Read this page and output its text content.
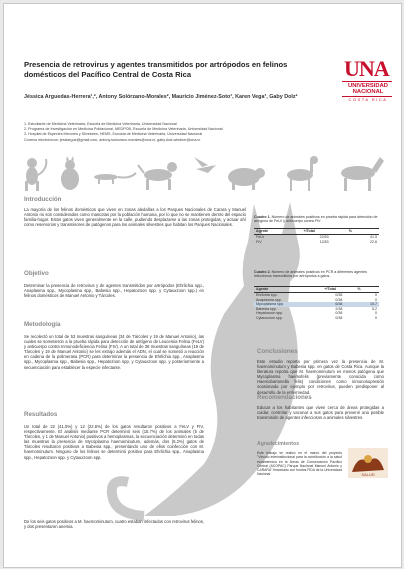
Presencia de retrovirus y agentes transmitidos por artrópodos en felinos domésticos del Pacífico Central de Costa Rica

Jéssica Arguedas-Herrera¹,², Antony Solórzano-Morales², Mauricio Jiménez-Soto³, Karen Vega³, Gaby Dolz²

1. Estudiante de Medicina Veterinaria, Escuela de Medicina Veterinaria, Universidad Nacional
2. Programa de Investigación en Medicina Poblacional, MEDPOB, Escuela de Medicina Veterinaria, Universidad Nacional
3. Hospital de Especies Menores y Silvestres, HEMS, Escuela de Medicina Veterinaria, Universidad Nacional
Correos electrónicos: jessiargue@gmail.com, antony.solorzano.morales@una.cr, gaby.dolz.wiedner@una.cr
UNA
UNIVERSIDAD
NACIONAL
COSTA RICA
Introducción

La mayoría de los felinos domésticos que viven en zonas aledañas a los Parques Nacionales de Carara y Manuel Antonio no son considerados como mascotas por la población humana, por lo que no se mantienen dentro del espacio familia-hogar. Estos gatos viven generalmente en la calle, pudiendo desplazarse a las zonas protegidas, y actuar ahí como reservorios y transmisores de patógenos para los animales silvestres que habitan los Parques Nacionales.

Objetivo

Determinar la presencia de retrovirus y de agentes transmitidos por artrópodos (Ehrlichia spp., Anaplasma spp., Mycoplasma spp., Babesia spp., Hepatozoon spp. y Cytauxzoon spp.) en felinos domésticos de Manuel Antonio y Tárcoles.

Metodología

Se recolectó un total de 53 muestras sanguíneas (34 de Tárcoles y 19 de Manuel Antonio), las cuales se sometieron a la prueba rápida para detección de antígeno de Leucemia Felina (FeLV) y anticuerpo contra Inmunodeficiencia Felina (FIV). A un total de 38 muestras sanguíneas (19 de Tárcoles y 19 de Manuel Antonio) se les extrajo además el ADN, el cual se sometió a reacción en cadena de la polimerasa (PCR) para determinar la presencia de Ehrlichia spp., Anaplasma spp., Mycoplasma spp., Babesia spp., Hepatozoon spp. y Cytauxzoon spp. y posteriormente a secuenciación para establecer la especie infectante.

Resultados

Un total de 22 (41.5%) y 12 (22.6%) de los gatos resultaron positivos a FeLV y FIV, respectivamente. El análisis mediante PCR determinó seis (15.7%) de los animales (5 de Tárcoles, y 1 de Manuel Antonio) positivos a hemoplasmas, la secuenciación determinó en todas las muestras la presencia de Mycoplasma haemominutum, además, dos (5.2%) gatos de Tárcoles resultaron positivos a Babesia spp., presentando uno de ellos coinfección con M. haemominutum. Ninguno de los felinos se determinó positivo para Ehrlichia spp., Anaplasma spp., Hepatozoon spp. y Cytauxzoon spp.

De los seis gatos positivos a M. haemominutum, cuatro estaban infectados con retrovirus felinos, y dos presentaron anemia.

Cuadro 1. Número de animales positivos en prueba rápida para detección de antígeno de FeLV y anticuerpo contra FIV.
Agente	+/Total	%
FeLV	22/53	41.5
FIV	12/53	22.6
Cuadro 2. Número de animales positivos en PCR a diferentes agentes infecciosos transmitidos por artrópodos a gatos.
Agente	+/Total	%
Ehrlichia spp.	0/38	0
Anaplasma spp.	0/38	0
Mycoplasma spp.	6/38	15.7
Babesia spp.	2/38	5.2
Hepatozoon spp.	0/38	0
Cytauxzoon spp.	0/38	0
Conclusiones

Este estudio reporta por primera vez la presencia de M. haemominutum y Babesia spp. en gatos de Costa Rica. Aunque la literatura reporta que M. haemominutum es menos patógena que Mycoplasma haemofelis (previamente conocida como Haemobartonella felis) condiciones como inmunosupresión ocasionada por ejemplo por retrovirus, pueden predisponer al desarrollo de la enfermedad.

Recomendaciones

Educar a los habitantes que viven cerca de áreas protegidas a cuidar, controlar y vacunar a sus gatos para prevenir una posible transmisión de agentes infecciosos a animales silvestres.

Agradecimientos

Este trabajo se realizó en el marco del proyecto "Vínculo interinstitucional para la contribución a la salud ecosistémica en la Áreas de Conservación Pacífico Central (ACOPAC) Parque Nacional Manuel Antonio y CARARA" financiado con fondos FIDA de la Universidad Nacional.	SALUD
